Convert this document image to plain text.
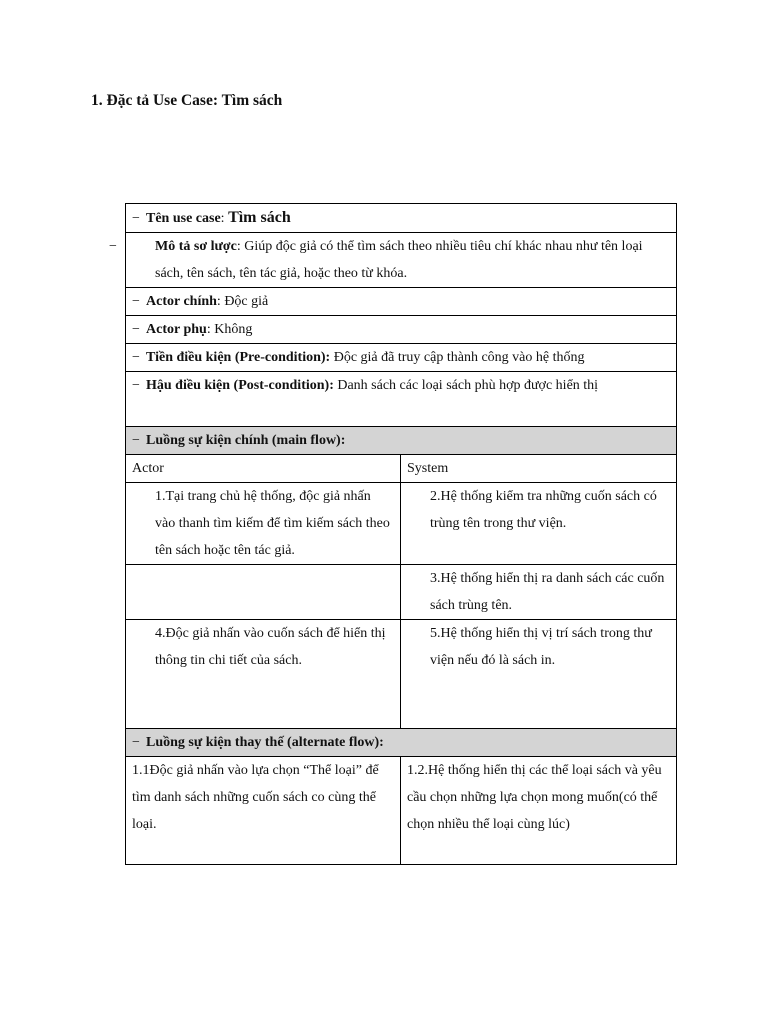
1. Đặc tả Use Case: Tìm sách
− Tên use case: Tìm sách	
− Mô tả sơ lược: Giúp độc giả có thể tìm sách theo nhiều tiêu chí khác nhau như tên loại sách, tên sách, tên tác giả, hoặc theo từ khóa.	
− Actor chính: Độc giả	
− Actor phụ: Không	
− Tiền điều kiện (Pre-condition): Độc giả đã truy cập thành công vào hệ thống	
− Hậu điều kiện (Post-condition): Danh sách các loại sách phù hợp được hiển thị	
− Luồng sự kiện chính (main flow):	
Actor	System
1.Tại trang chủ hệ thống, độc giả nhấn vào thanh tìm kiếm để tìm kiếm sách theo tên sách hoặc tên tác giả.	2.Hệ thống kiểm tra những cuốn sách có trùng tên trong thư viện.
	3.Hệ thống hiển thị ra danh sách các cuốn sách trùng tên.
4.Độc giả nhấn vào cuốn sách để hiển thị thông tin chi tiết của sách.	5.Hệ thống hiển thị vị trí sách trong thư viện nếu đó là sách in.
− Luồng sự kiện thay thế (alternate flow):	
1.1Độc giả nhấn vào lựa chọn “Thể loại” để tìm danh sách những cuốn sách co cùng thể loại.	1.2.Hệ thống hiển thị các thể loại sách và yêu cầu chọn những lựa chọn mong muốn(có thể chọn nhiều thể loại cùng lúc)
